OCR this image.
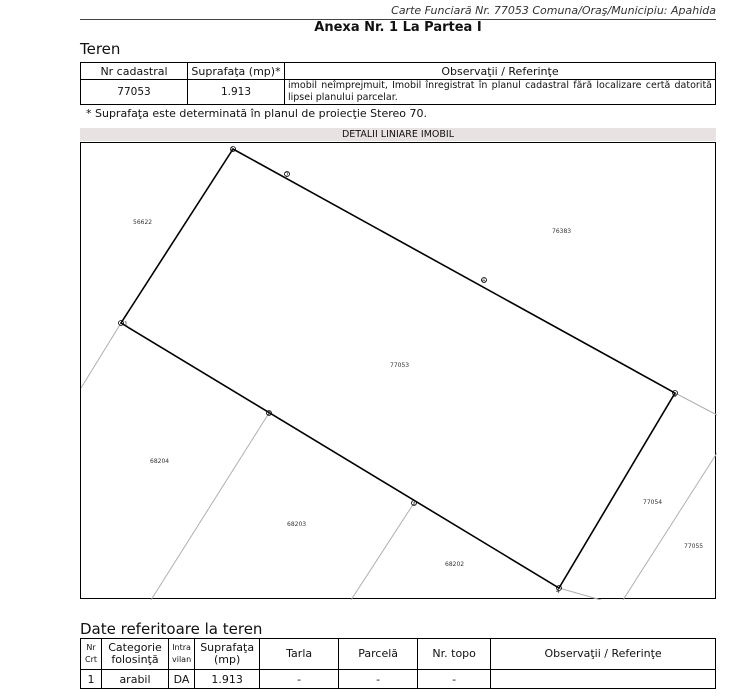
Carte Funciară Nr. 77053 Comuna/Oraş/Municipiu: Apahida
Anexa Nr. 1 La Partea I
Teren
Nr cadastral	Suprafaţa (mp)*	Observaţii / Referinţe
77053	1.913	imobil neîmprejmuit, Imobil înregistrat în planul cadastral fără localizare certă datorită lipsei planului parcelar.
* Suprafaţa este determinată în planul de proiecţie Stereo 70.
DETALII LINIARE IMOBIL
1
2
3
4
5
6
7
8
77053
56622
76383
68204
68203
68202
77054
77055
Date referitoare la teren
Nr Crt	Categorie folosinţă	Intra vilan	Suprafaţa (mp)	Tarla	Parcelă	Nr. topo	Observaţii / Referinţe
1	arabil	DA	1.913	-	-	-	
